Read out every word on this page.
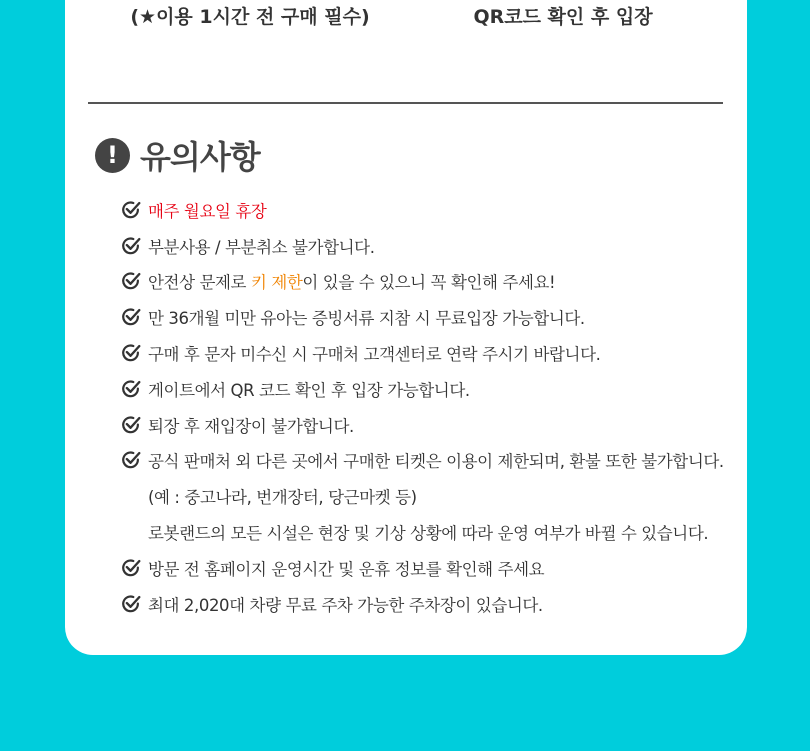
(★이용 1시간 전 구매 필수)	QR코드 확인 후 입장
! 유의사항
매주 월요일 휴장
부분사용 / 부분취소 불가합니다.
안전상 문제로 키 제한이 있을 수 있으니 꼭 확인해 주세요!
만 36개월 미만 유아는 증빙서류 지참 시 무료입장 가능합니다.
구매 후 문자 미수신 시 구매처 고객센터로 연락 주시기 바랍니다.
게이트에서 QR 코드 확인 후 입장 가능합니다.
퇴장 후 재입장이 불가합니다.
공식 판매처 외 다른 곳에서 구매한 티켓은 이용이 제한되며, 환불 또한 불가합니다.
(예 : 중고나라, 번개장터, 당근마켓 등)
로봇랜드의 모든 시설은 현장 및 기상 상황에 따라 운영 여부가 바뀔 수 있습니다.
방문 전 홈페이지 운영시간 및 운휴 정보를 확인해 주세요
최대 2,020대 차량 무료 주차 가능한 주차장이 있습니다.
